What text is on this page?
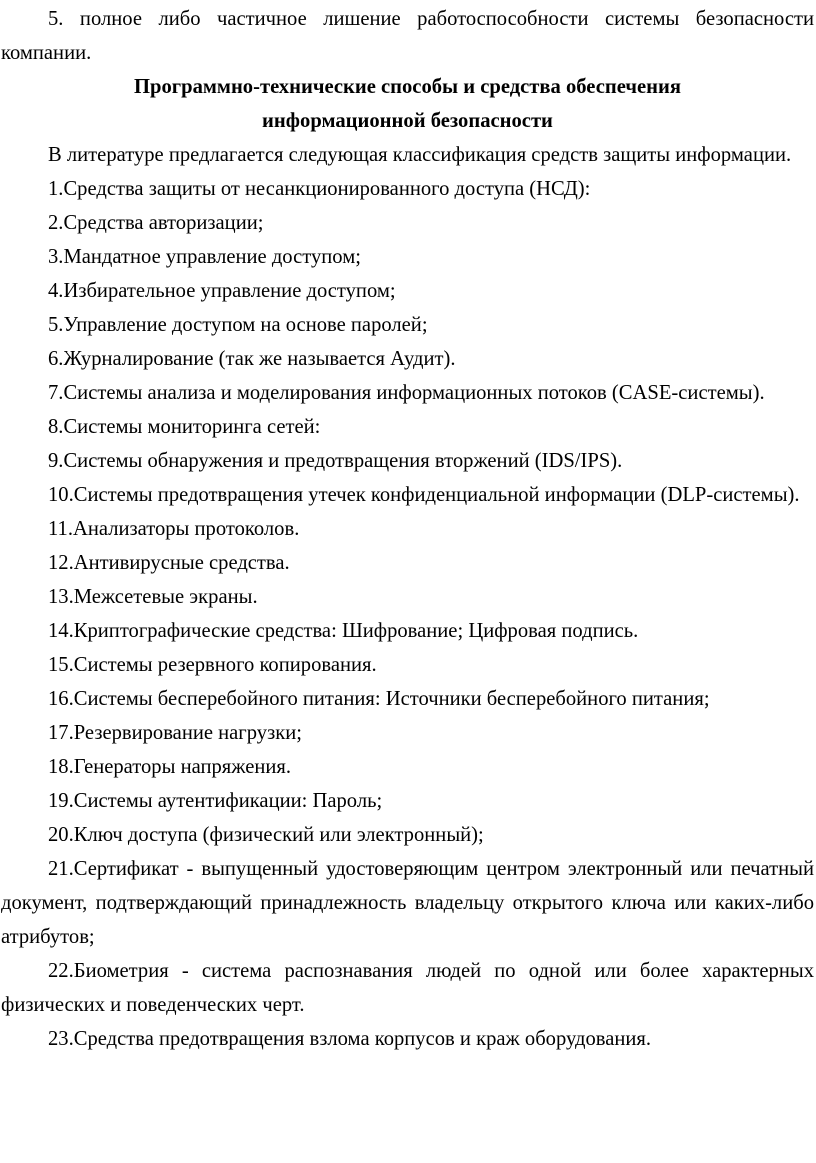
5. полное либо частичное лишение работоспособности системы безопасности компании.

Программно-технические способы и средства обеспечения

информационной безопасности

В литературе предлагается следующая классификация средств защиты информации.

1.Средства защиты от несанкционированного доступа (НСД):

2.Средства авторизации;

3.Мандатное управление доступом;

4.Избирательное управление доступом;

5.Управление доступом на основе паролей;

6.Журналирование (так же называется Аудит).

7.Системы анализа и моделирования информационных потоков (CASE-системы).

8.Системы мониторинга сетей:

9.Системы обнаружения и предотвращения вторжений (IDS/IPS).

10.Системы предотвращения утечек конфиденциальной информации (DLP-системы).

11.Анализаторы протоколов.

12.Антивирусные средства.

13.Межсетевые экраны.

14.Криптографические средства: Шифрование; Цифровая подпись.

15.Системы резервного копирования.

16.Системы бесперебойного питания: Источники бесперебойного питания;

17.Резервирование нагрузки;

18.Генераторы напряжения.

19.Системы аутентификации: Пароль;

20.Ключ доступа (физический или электронный);

21.Сертификат - выпущенный удостоверяющим центром электронный или печатный документ, подтверждающий принадлежность владельцу открытого ключа или каких-либо атрибутов;

22.Биометрия - система распознавания людей по одной или более характерных физических и поведенческих черт.

23.Средства предотвращения взлома корпусов и краж оборудования.
